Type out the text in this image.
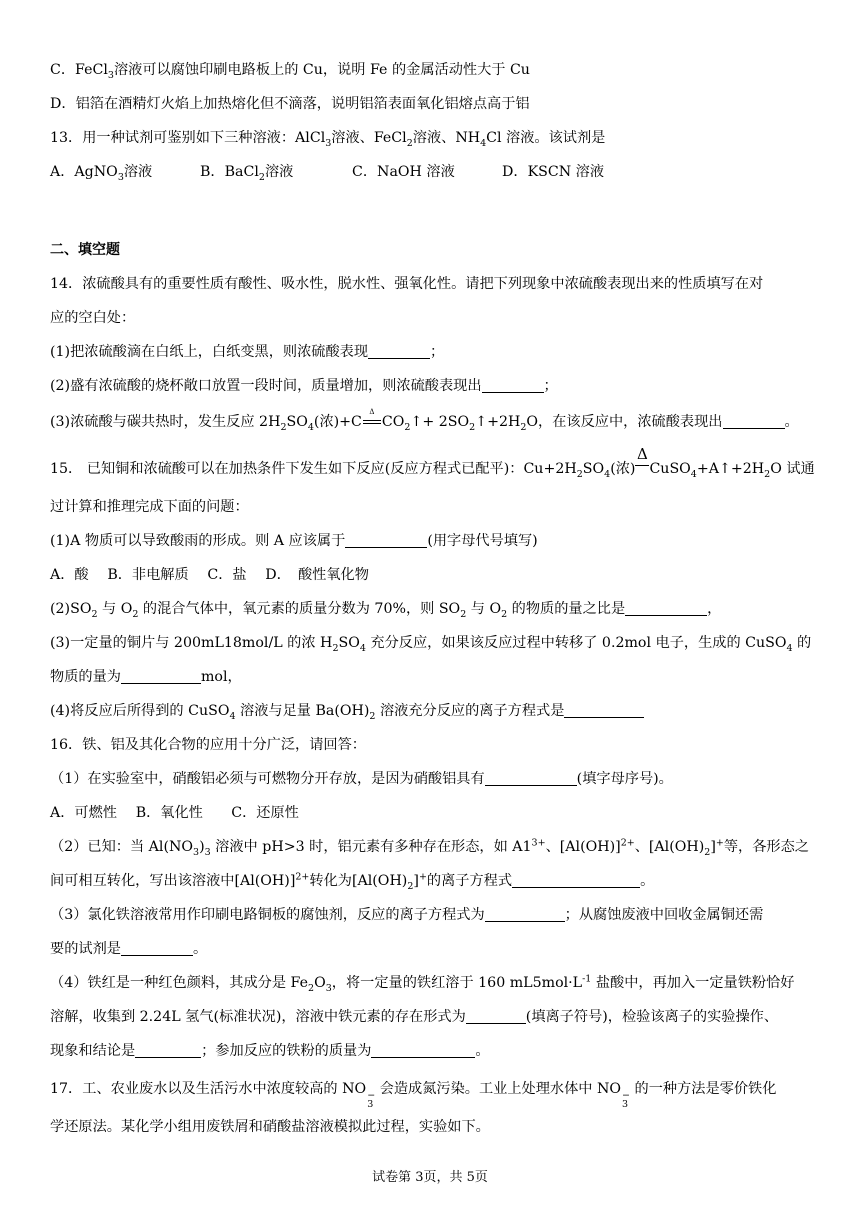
C．FeCl$_3$溶液可以腐蚀印刷电路板上的 Cu，说明 Fe 的金属活动性大于 Cu
D．铝箔在酒精灯火焰上加热熔化但不滴落，说明铝箔表面氧化铝熔点高于铝
13．用一种试剂可鉴别如下三种溶液：AlCl$_3$溶液、FeCl$_2$溶液、$NH_4Cl$ 溶液。该试剂是
A．AgNO$_3$溶液	B．BaCl$_2$溶液	C．NaOH 溶液	D．KSCN 溶液
二、填空题
14．浓硫酸具有的重要性质有酸性、吸水性，脱水性、强氧化性。请把下列现象中浓硫酸表现出来的性质填写在对
应的空白处：
(1)把浓硫酸滴在白纸上，白纸变黑，则浓硫酸表现	；
(2)盛有浓硫酸的烧杯敞口放置一段时间，质量增加，则浓硫酸表现出	；
(3)浓硫酸与碳共热时，发生反应 $2H_2SO_4$(浓)+C
Δ
$CO_2↑+$ $2SO_2↑+2H_2O$，在该反应中，浓硫酸表现出	。
15． 已知铜和浓硫酸可以在加热条件下发生如下反应(反应方程式已配平)：$Cu+2H_2SO_4$(浓)
Δ
$CuSO_4+A↑+2H_2O$ 试通
过计算和推理完成下面的问题：
(1)A 物质可以导致酸雨的形成。则 A 应该属于	(用字母代号填写)
A．酸　 B．非电解质　 C．盐　 D．　酸性氧化物
$(2)SO_2$ 与 $O_2$ 的混合气体中，氧元素的质量分数为 70%，则 $SO_2$ 与 $O_2$ 的物质的量之比是	，
(3)一定量的铜片与 200mL18mol/L 的浓 $H_2SO_4$ 充分反应，如果该反应过程中转移了 0.2mol 电子，生成的 CuSO$_4$ 的
物质的量为	mol，
(4)将反应后所得到的 CuSO$_4$ 溶液与足量 $Ba(OH)_2$ 溶液充分反应的离子方程式是
16．铁、铝及其化合物的应用十分广泛，请回答：
（1）在实验室中，硝酸铝必须与可燃物分开存放，是因为硝酸铝具有	(填字母序号)。
A．可燃性　 B．氧化性　　C．还原性
（2）已知：当 $Al(NO_3)_3$ 溶液中 pH>3 时，铝元素有多种存在形态，如 $A1^{3+}$、$[Al(OH)]^{2+}$、$[Al(OH)_2]^+$等，各形态之
间可相互转化，写出该溶液中$[Al(OH)]^{2+}$转化为$[Al(OH)_2]^+$的离子方程式	。
（3）氯化铁溶液常用作印刷电路铜板的腐蚀剂，反应的离子方程式为	；从腐蚀废液中回收金属铜还需
要的试剂是	。
（4）铁红是一种红色颜料，其成分是 $Fe_2O_3$，将一定量的铁红溶于 160 $mL5mol\cdot L^{-1}$ 盐酸中，再加入一定量铁粉恰好
溶解，收集到 2.24L 氢气(标准状况)，溶液中铁元素的存在形式为	(填离子符号)，检验该离子的实验操作、
现象和结论是	；参加反应的铁粉的质量为	。
17．工、农业废水以及生活污水中浓度较高的 NO −
3
会造成氮污染。工业上处理水体中 NO −
3
的一种方法是零价铁化
学还原法。某化学小组用废铁屑和硝酸盐溶液模拟此过程，实验如下。
试卷第 3页，共 5页
